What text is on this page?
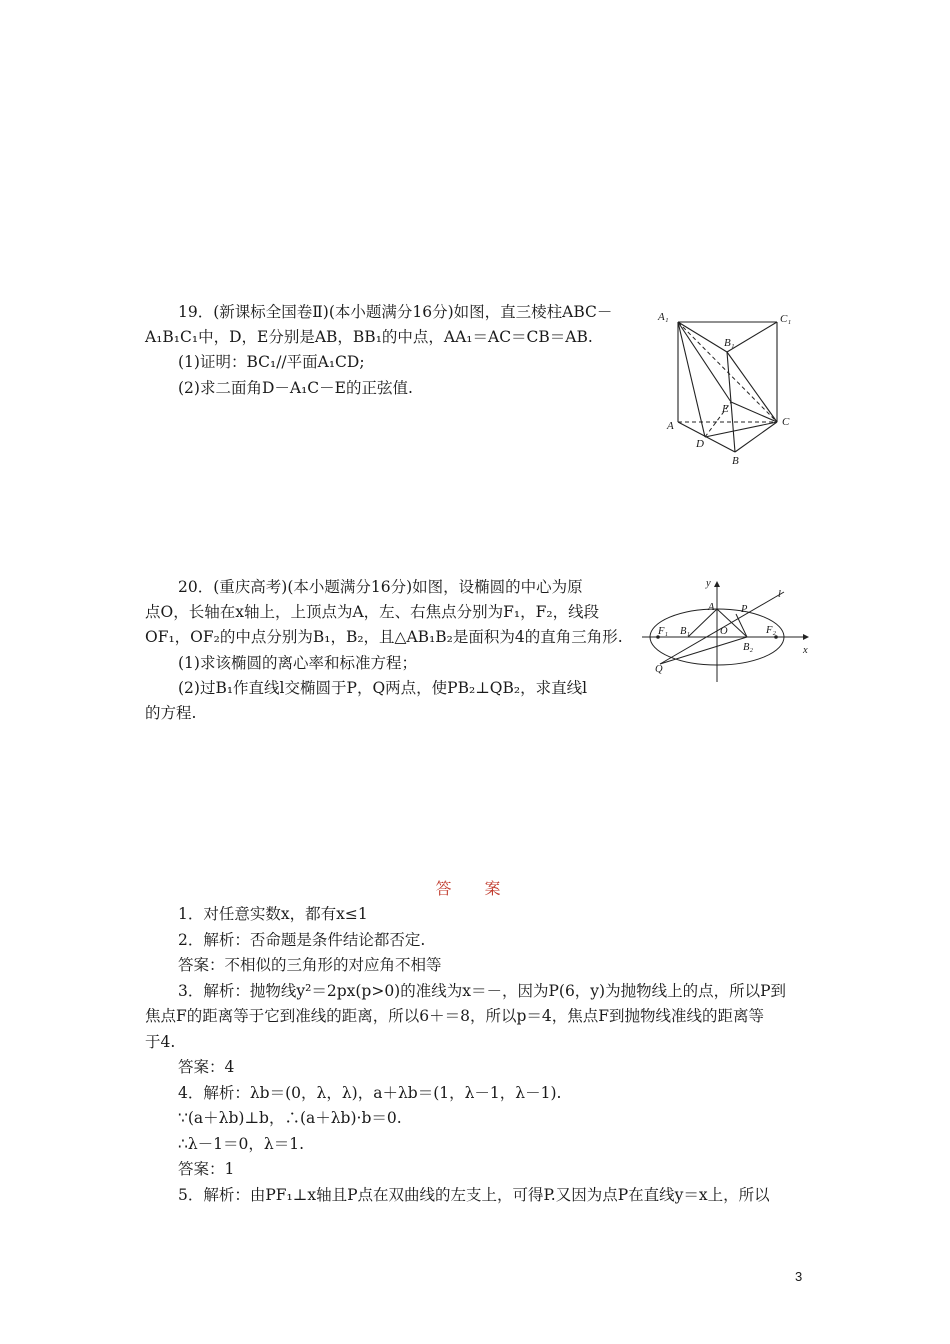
19．(新课标全国卷Ⅱ)(本小题满分16分)如图，直三棱柱ABC－
A₁B₁C₁中，D，E分别是AB，BB₁的中点，AA₁＝AC＝CB＝AB.
(1)证明：BC₁//平面A₁CD;
(2)求二面角D－A₁C－E的正弦值.
A₁	C₁
B₁
E
C
A
D
B
20．(重庆高考)(本小题满分16分)如图，设椭圆的中心为原
点O，长轴在x轴上，上顶点为A，左、右焦点分别为F₁，F₂，线段
OF₁，OF₂的中点分别为B₁，B₂，且△AB₁B₂是面积为4的直角三角形.
(1)求该椭圆的离心率和标准方程；
(2)过B₁作直线l交椭圆于P，Q两点，使PB₂⊥QB₂，求直线l
的方程.
y
l
A	P
F₁ B₁	O	F₂
B₂	x
Q
答 案
1．对任意实数x，都有x≤1
2．解析：否命题是条件结论都否定.
答案：不相似的三角形的对应角不相等
3．解析：抛物线y²＝2px(p>0)的准线为x＝－，因为P(6，y)为抛物线上的点，所以P到
焦点F的距离等于它到准线的距离，所以6＋＝8，所以p＝4，焦点F到抛物线准线的距离等
于4.
答案：4
4．解析：λb＝(0，λ，λ)，a＋λb＝(1，λ－1，λ－1).
∵(a＋λb)⊥b，∴(a＋λb)·b＝0.
∴λ－1＝0，λ＝1.
答案：1
5．解析：由PF₁⊥x轴且P点在双曲线的左支上，可得P.又因为点P在直线y＝x上，所以
3
